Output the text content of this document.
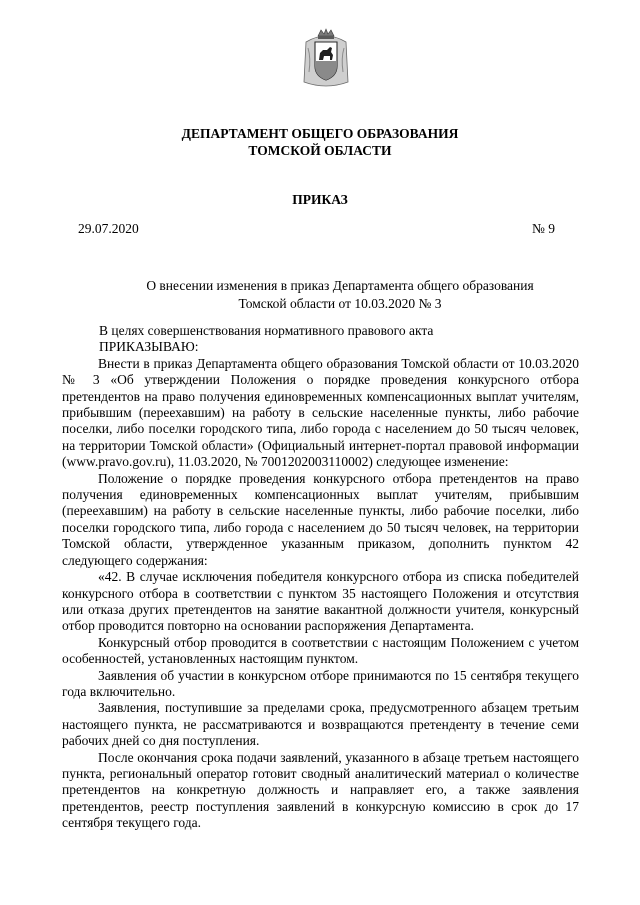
ДЕПАРТАМЕНТ ОБЩЕГО ОБРАЗОВАНИЯ
ТОМСКОЙ ОБЛАСТИ
ПРИКАЗ
29.07.2020	№ 9
О внесении изменения в приказ Департамента общего образования
Томской области от 10.03.2020 № 3

В целях совершенствования нормативного правового акта

ПРИКАЗЫВАЮ:

Внести в приказ Департамента общего образования Томской области от 10.03.2020 № 3 «Об утверждении Положения о порядке проведения конкурсного отбора претендентов на право получения единовременных компенсационных выплат учителям, прибывшим (переехавшим) на работу в сельские населенные пункты, либо рабочие поселки, либо поселки городского типа, либо города с населением до 50 тысяч человек, на территории Томской области» (Официальный интернет-портал правовой информации (www.pravo.gov.ru), 11.03.2020, № 7001202003110002) следующее изменение:

Положение о порядке проведения конкурсного отбора претендентов на право получения единовременных компенсационных выплат учителям, прибывшим (переехавшим) на работу в сельские населенные пункты, либо рабочие поселки, либо поселки городского типа, либо города с населением до 50 тысяч человек, на территории Томской области, утвержденное указанным приказом, дополнить пунктом 42 следующего содержания:

«42. В случае исключения победителя конкурсного отбора из списка победителей конкурсного отбора в соответствии с пунктом 35 настоящего Положения и отсутствия или отказа других претендентов на занятие вакантной должности учителя, конкурсный отбор проводится повторно на основании распоряжения Департамента.

Конкурсный отбор проводится в соответствии с настоящим Положением с учетом особенностей, установленных настоящим пунктом.

Заявления об участии в конкурсном отборе принимаются по 15 сентября текущего года включительно.

Заявления, поступившие за пределами срока, предусмотренного абзацем третьим настоящего пункта, не рассматриваются и возвращаются претенденту в течение семи рабочих дней со дня поступления.

После окончания срока подачи заявлений, указанного в абзаце третьем настоящего пункта, региональный оператор готовит сводный аналитический материал о количестве претендентов на конкретную должность и направляет его, а также заявления претендентов, реестр поступления заявлений в конкурсную комиссию в срок до 17 сентября текущего года.
